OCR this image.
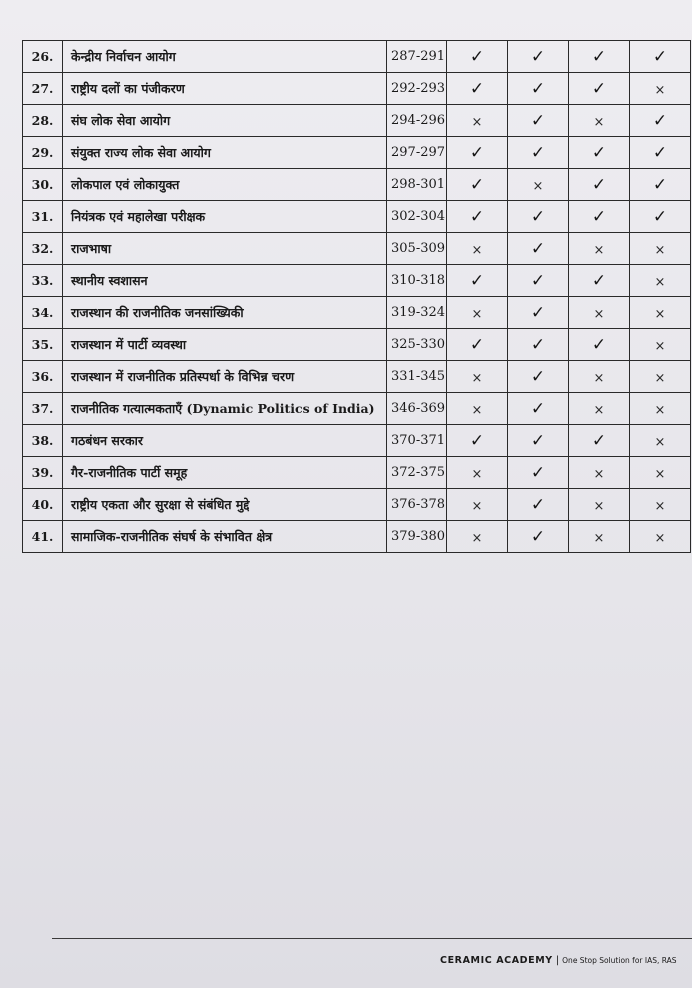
26.	केन्द्रीय निर्वाचन आयोग	287-291	✓	✓	✓	✓
27.	राष्ट्रीय दलों का पंजीकरण	292-293	✓	✓	✓	×
28.	संघ लोक सेवा आयोग	294-296	×	✓	×	✓
29.	संयुक्त राज्य लोक सेवा आयोग	297-297	✓	✓	✓	✓
30.	लोकपाल एवं लोकायुक्त	298-301	✓	×	✓	✓
31.	नियंत्रक एवं महालेखा परीक्षक	302-304	✓	✓	✓	✓
32.	राजभाषा	305-309	×	✓	×	×
33.	स्थानीय स्वशासन	310-318	✓	✓	✓	×
34.	राजस्थान की राजनीतिक जनसांख्यिकी	319-324	×	✓	×	×
35.	राजस्थान में पार्टी व्यवस्था	325-330	✓	✓	✓	×
36.	राजस्थान में राजनीतिक प्रतिस्पर्धा के विभिन्न चरण	331-345	×	✓	×	×
37.	राजनीतिक गत्यात्मकताएँ (Dynamic Politics of India)	346-369	×	✓	×	×
38.	गठबंधन सरकार	370-371	✓	✓	✓	×
39.	गैर-राजनीतिक पार्टी समूह	372-375	×	✓	×	×
40.	राष्ट्रीय एकता और सुरक्षा से संबंधित मुद्दे	376-378	×	✓	×	×
41.	सामाजिक-राजनीतिक संघर्ष के संभावित क्षेत्र	379-380	×	✓	×	×
CERAMIC ACADEMY | One Stop Solution for IAS, RAS
